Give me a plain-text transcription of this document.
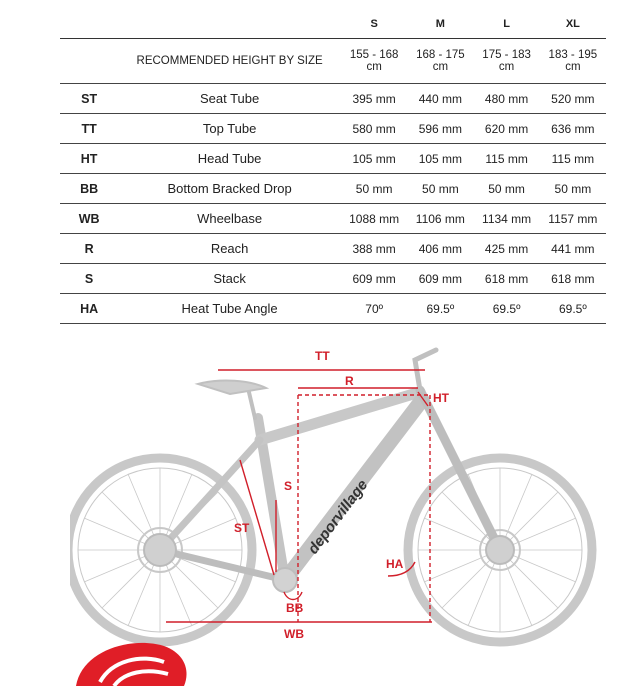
		S	M	L	XL
	RECOMMENDED HEIGHT BY SIZE	155 - 168 cm	168 - 175 cm	175 - 183 cm	183 - 195 cm
ST	Seat Tube	395 mm	440 mm	480 mm	520 mm
TT	Top Tube	580 mm	596 mm	620 mm	636 mm
HT	Head Tube	105 mm	105 mm	115 mm	115 mm
BB	Bottom Bracked Drop	50 mm	50 mm	50 mm	50 mm
WB	Wheelbase	1088 mm	1106 mm	1134 mm	1157 mm
R	Reach	388 mm	406 mm	425 mm	441 mm
S	Stack	609 mm	609 mm	618 mm	618 mm
HA	Heat Tube Angle	70º	69.5º	69.5º	69.5º
deporvillage
TT
R
HT
S
ST
HA
BB
WB
